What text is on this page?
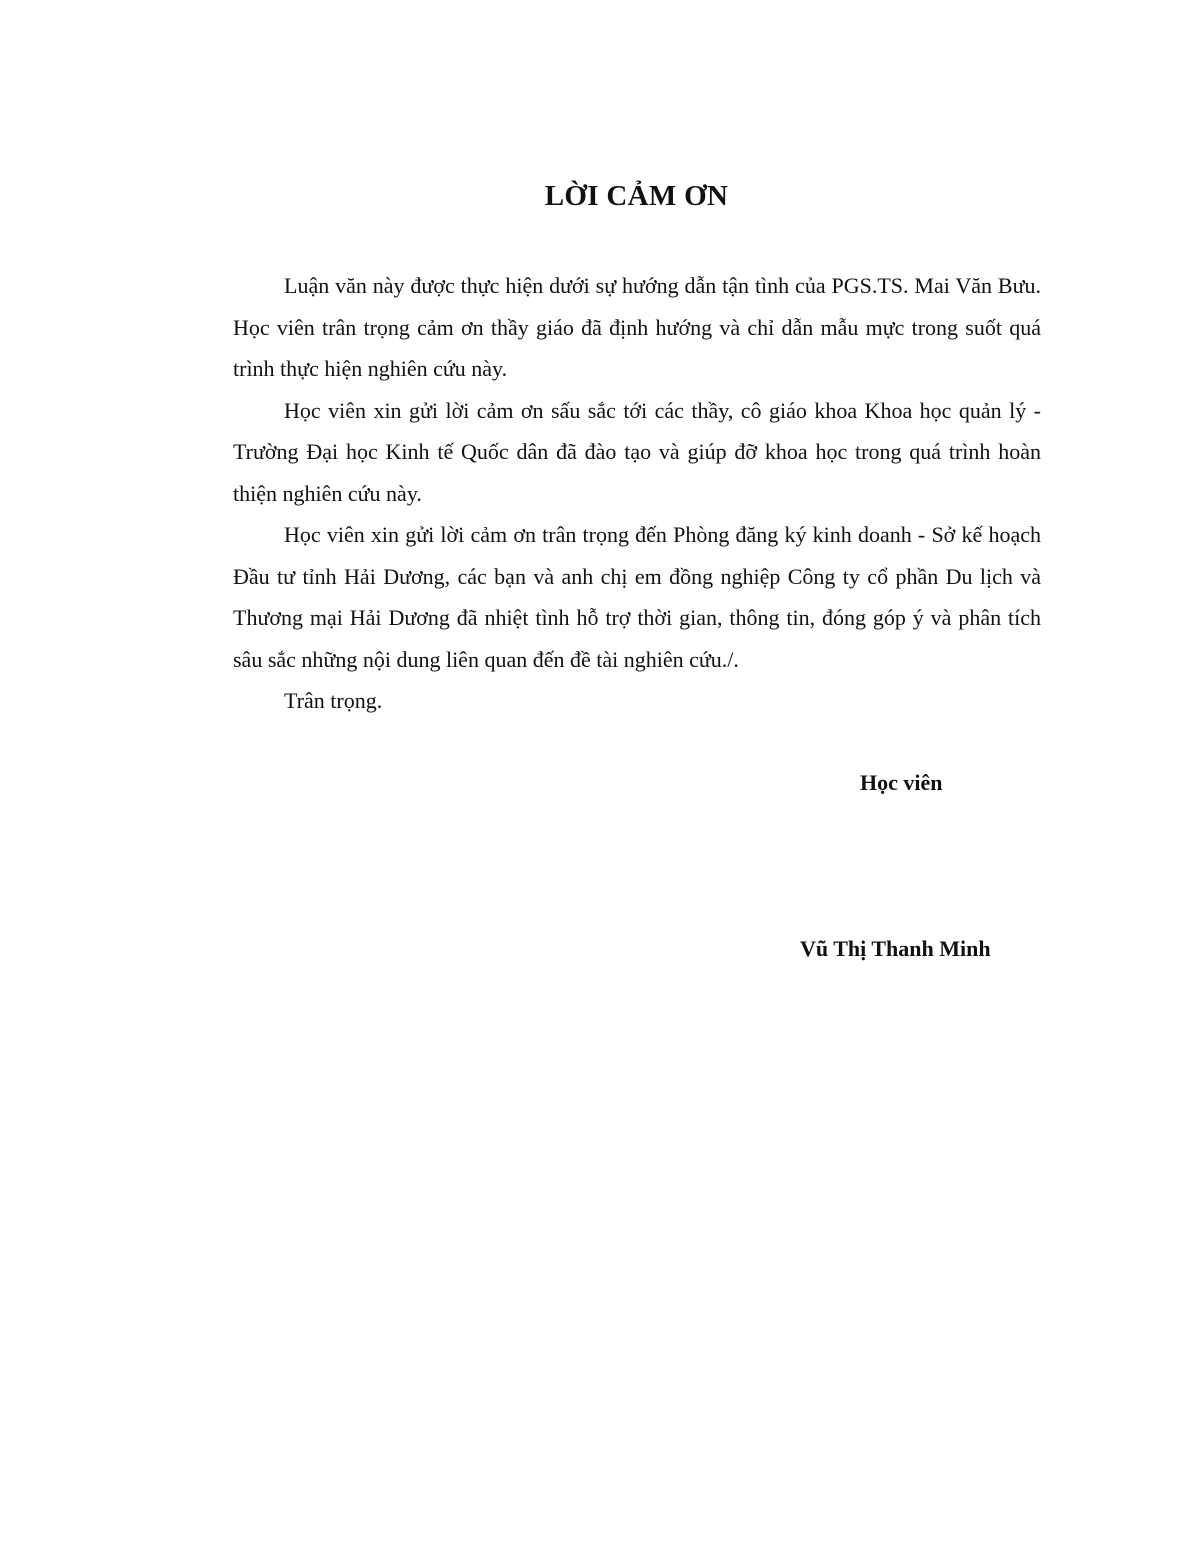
LỜI CẢM ƠN

Luận văn này được thực hiện dưới sự hướng dẫn tận tình của PGS.TS. Mai Văn Bưu. Học viên trân trọng cảm ơn thầy giáo đã định hướng và chỉ dẫn mẫu mực trong suốt quá trình thực hiện nghiên cứu này.

Học viên xin gửi lời cảm ơn sấu sắc tới các thầy, cô giáo khoa Khoa học quản lý - Trường Đại học Kinh tế Quốc dân đã đào tạo và giúp đỡ khoa học trong quá trình hoàn thiện nghiên cứu này.

Học viên xin gửi lời cảm ơn trân trọng đến Phòng đăng ký kinh doanh - Sở kế hoạch Đầu tư tỉnh Hải Dương, các bạn và anh chị em đồng nghiệp Công ty cổ phần Du lịch và Thương mại Hải Dương đã nhiệt tình hỗ trợ thời gian, thông tin, đóng góp ý và phân tích sâu sắc những nội dung liên quan đến đề tài nghiên cứu./.

Trân trọng.

Học viên
Vũ Thị Thanh Minh
